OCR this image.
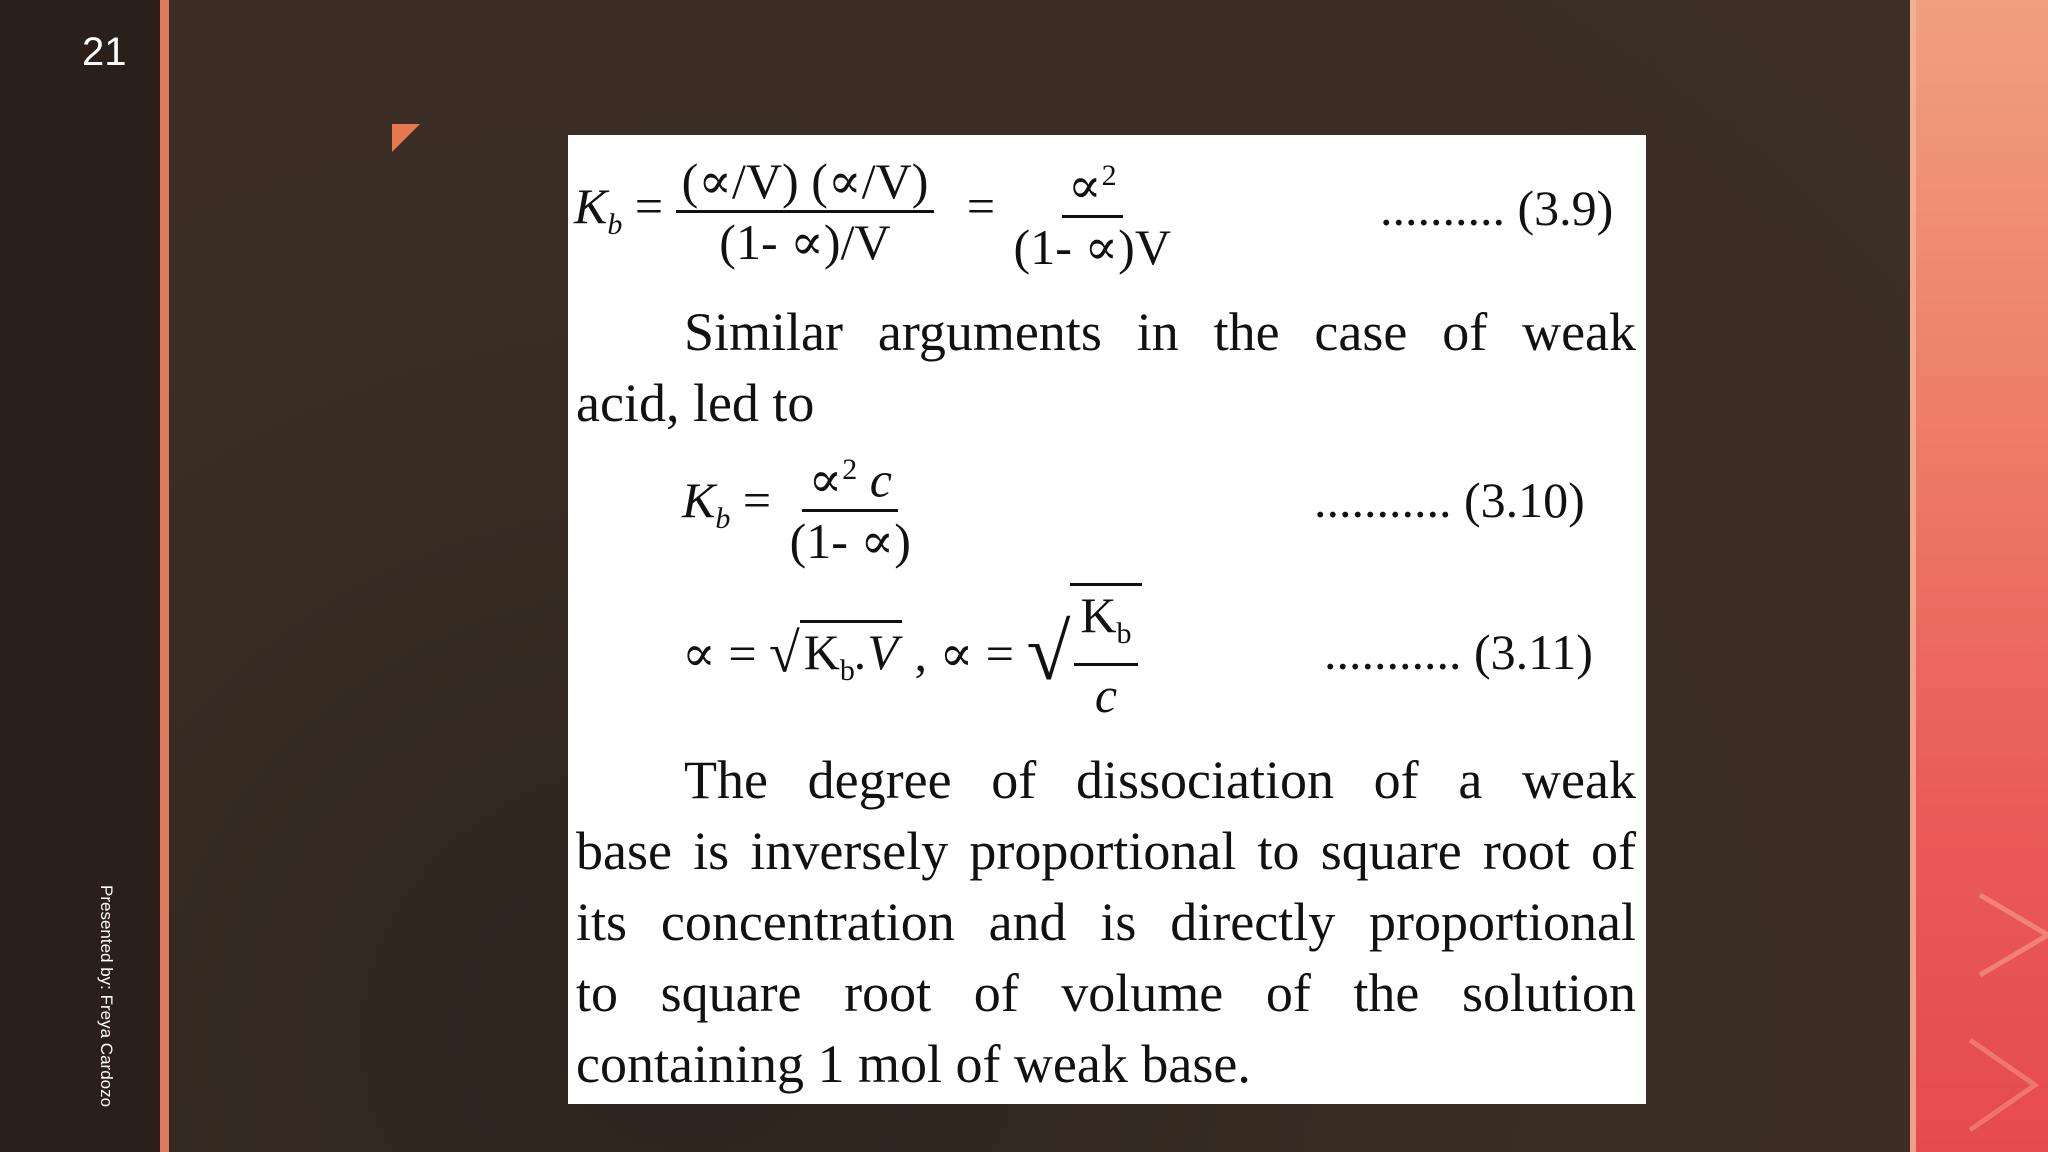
21
Presented by: Freya Cardozo
$K_b = \frac{(\propto/V) (\propto/V)}{(1- \propto)/V} = \frac{\propto^2}{(1- \propto)V}$	.......... (3.9)
Similar arguments in the case of weak
acid, led to
$K_b = \frac{\propto^2 c}{(1- \propto)}$	........... (3.10)
∝ = $√K_b.V$ , ∝ = √ $\frac{K_b}{c}$	........... (3.11)
The degree of dissociation of a weak
base is inversely proportional to square root of
its concentration and is directly proportional
to square root of volume of the solution
containing 1 mol of weak base.
